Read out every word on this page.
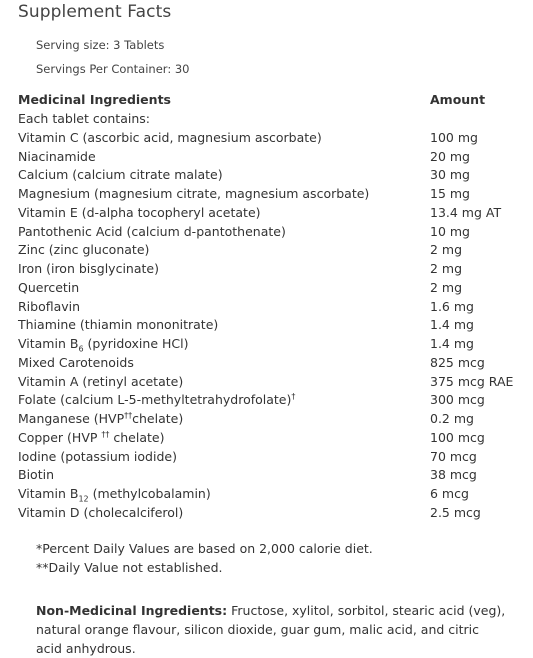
Supplement Facts
Serving size: 3 Tablets
Servings Per Container: 30
Medicinal Ingredients	Amount
Each tablet contains:
Vitamin C (ascorbic acid, magnesium ascorbate)	100 mg
Niacinamide	20 mg
Calcium (calcium citrate malate)	30 mg
Magnesium (magnesium citrate, magnesium ascorbate)	15 mg
Vitamin E (d-alpha tocopheryl acetate)	13.4 mg AT
Pantothenic Acid (calcium d-pantothenate)	10 mg
Zinc (zinc gluconate)	2 mg
Iron (iron bisglycinate)	2 mg
Quercetin	2 mg
Riboflavin	1.6 mg
Thiamine (thiamin mononitrate)	1.4 mg
Vitamin $B_6$ (pyridoxine HCl)	1.4 mg
Mixed Carotenoids	825 mcg
Vitamin A (retinyl acetate)	375 mcg RAE
Folate (calcium L-5-methyltetrahydrofolate)†	300 mcg
Manganese (HVP††chelate)	0.2 mg
Copper (HVP †† chelate)	100 mcg
Iodine (potassium iodide)	70 mcg
Biotin	38 mcg
Vitamin $B_{12}$ (methylcobalamin)	6 mcg
Vitamin D (cholecalciferol)	2.5 mcg
*Percent Daily Values are based on 2,000 calorie diet.
**Daily Value not established.
Non-Medicinal Ingredients: Fructose, xylitol, sorbitol, stearic acid (veg), natural orange flavour, silicon dioxide, guar gum, malic acid, and citric acid anhydrous.
